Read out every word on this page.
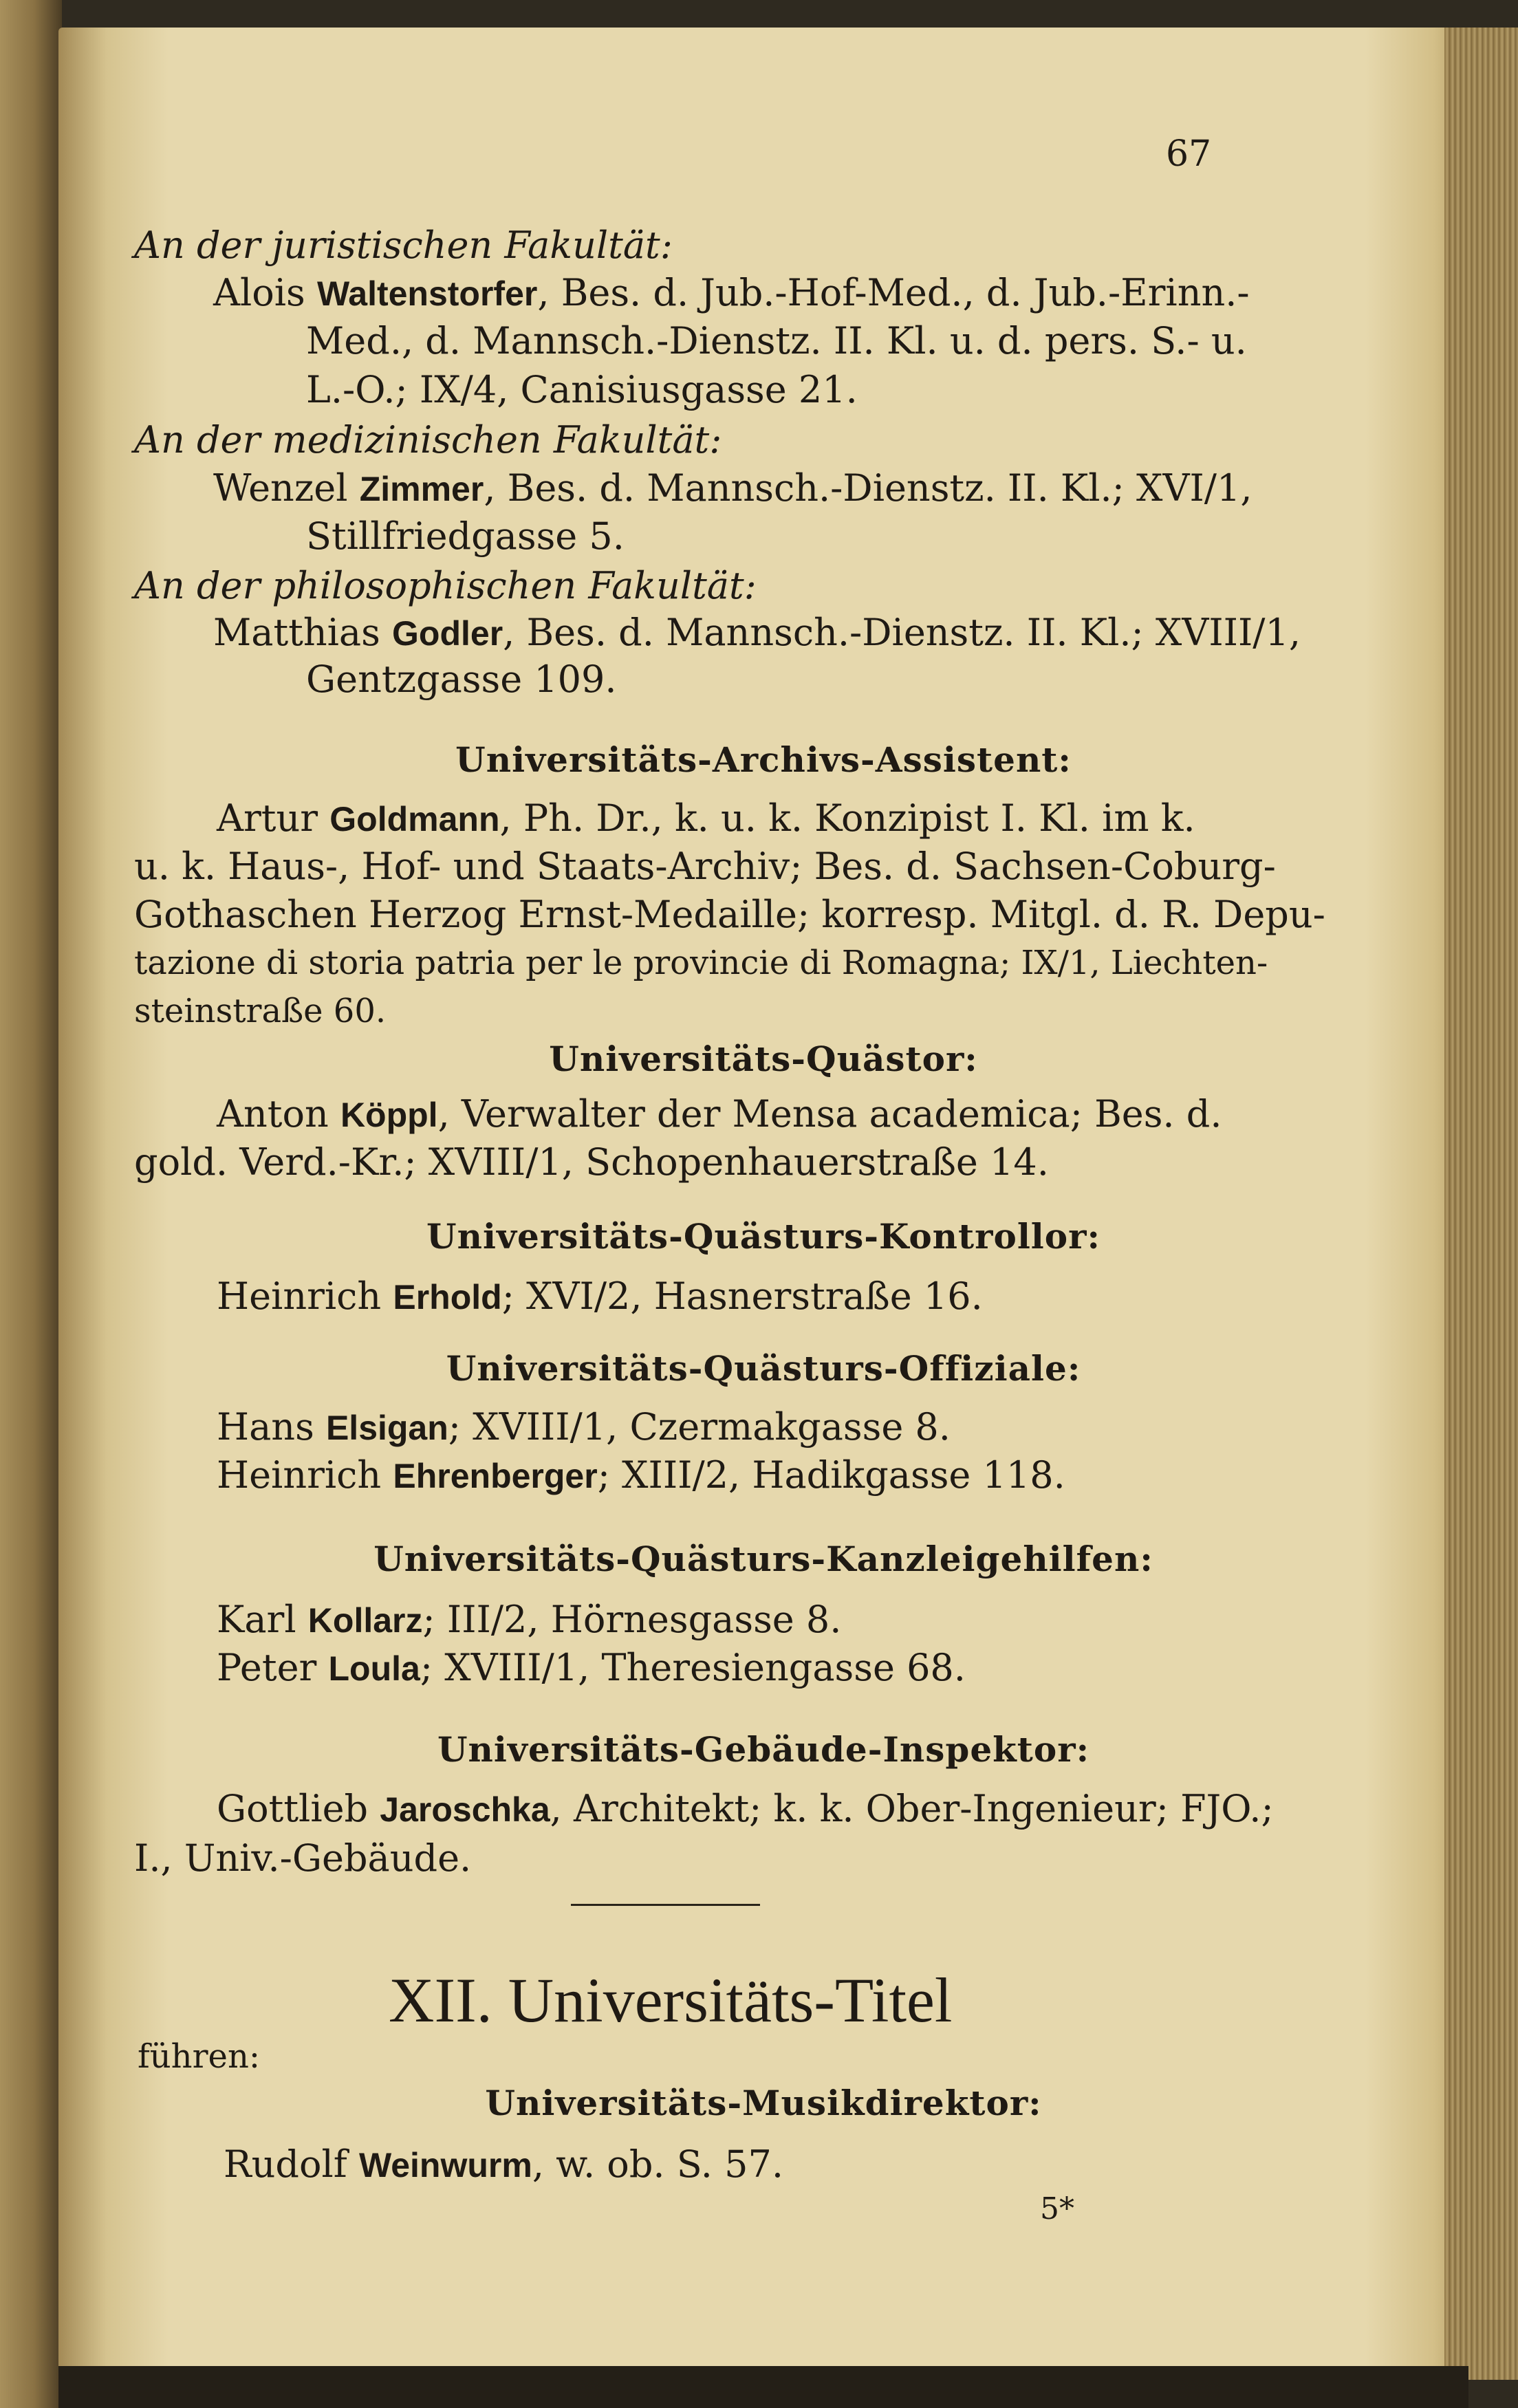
67
An der juristischen Fakultät:
Alois Waltenstorfer, Bes. d. Jub.-Hof-Med., d. Jub.-Erinn.-
Med., d. Mannsch.-Dienstz. II. Kl. u. d. pers. S.- u.
L.-O.; IX/4, Canisiusgasse 21.
An der medizinischen Fakultät:
Wenzel Zimmer, Bes. d. Mannsch.-Dienstz. II. Kl.; XVI/1,
Stillfriedgasse 5.
An der philosophischen Fakultät:
Matthias Godler, Bes. d. Mannsch.-Dienstz. II. Kl.; XVIII/1,
Gentzgasse 109.
Universitäts-Archivs-Assistent:
Artur Goldmann, Ph. Dr., k. u. k. Konzipist I. Kl. im k.
u. k. Haus-, Hof- und Staats-Archiv; Bes. d. Sachsen-Coburg-
Gothaschen Herzog Ernst-Medaille; korresp. Mitgl. d. R. Depu-
tazione di storia patria per le provincie di Romagna; IX/1, Liechten-
steinstraße 60.
Universitäts-Quästor:
Anton Köppl, Verwalter der Mensa academica; Bes. d.
gold. Verd.-Kr.; XVIII/1, Schopenhauerstraße 14.
Universitäts-Quästurs-Kontrollor:
Heinrich Erhold; XVI/2, Hasnerstraße 16.
Universitäts-Quästurs-Offiziale:
Hans Elsigan; XVIII/1, Czermakgasse 8.
Heinrich Ehrenberger; XIII/2, Hadikgasse 118.
Universitäts-Quästurs-Kanzleigehilfen:
Karl Kollarz; III/2, Hörnesgasse 8.
Peter Loula; XVIII/1, Theresiengasse 68.
Universitäts-Gebäude-Inspektor:
Gottlieb Jaroschka, Architekt; k. k. Ober-Ingenieur; FJO.;
I., Univ.-Gebäude.
XII. Universitäts-Titel
führen:
Universitäts-Musikdirektor:
Rudolf Weinwurm, w. ob. S. 57.
5*
